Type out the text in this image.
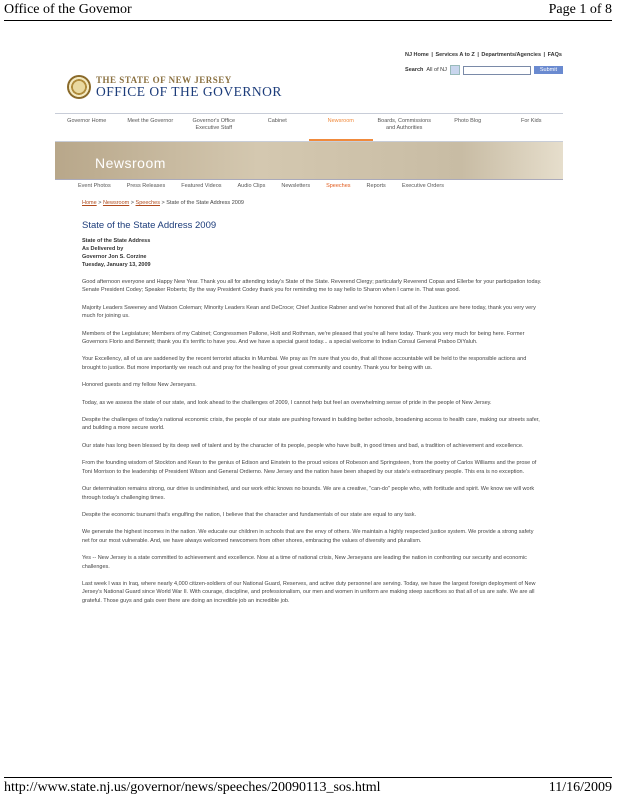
Office of the Govemor	Page 1 of 8
NJ Home | Services A to Z | Departments/Agencies | FAQs
Search All of NJ	Submit
THE STATE OF NEW JERSEY
OFFICE OF THE GOVERNOR
Governor Home	Meet the Governor	Governor's Office Executive Staff
Cabinet	Newsroom	Boards, Commissions and Authorities
Photo Blog	For Kids
Newsroom
Event Photos	Press Releases	Featured Videos	Audio Clips	Newsletters	Speeches	Reports	Executive Orders
Home > Newsroom > Speeches > State of the State Address 2009
State of the State Address 2009
State of the State Address
As Delivered by
Governor Jon S. Corzine
Tuesday, January 13, 2009
Good afternoon everyone and Happy New Year. Thank you all for attending today's State of the State. Reverend Clergy; particularly Reverend Copas and Ellerbe for your participation today. Senate President Codey; Speaker Roberts; By the way President Codey thank you for reminding me to say hello to Sharon when I came in. That was good.
Majority Leaders Sweeney and Watson Coleman; Minority Leaders Kean and DeCroce; Chief Justice Rabner and we're honored that all of the Justices are here today, thank you very very much for joining us.
Members of the Legislature; Members of my Cabinet; Congressmen Pallone, Holt and Rothman, we're pleased that you're all here today. Thank you very much for being here. Former Governors Florio and Bennett; thank you it's terrific to have you. And we have a special guest today... a special welcome to Indian Consul General Praboo DiYaluh.
Your Excellency, all of us are saddened by the recent terrorist attacks in Mumbai. We pray as I'm sure that you do, that all those accountable will be held to the responsible actions and brought to justice. But more importantly we reach out and pray for the healing of your great community and country. Thank you for being with us.
Honored guests and my fellow New Jerseyans.
Today, as we assess the state of our state, and look ahead to the challenges of 2009, I cannot help but feel an overwhelming sense of pride in the people of New Jersey.
Despite the challenges of today's national economic crisis, the people of our state are pushing forward in building better schools, broadening access to health care, making our streets safer, and building a more secure world.
Our state has long been blessed by its deep well of talent and by the character of its people, people who have built, in good times and bad, a tradition of achievement and excellence.
From the founding wisdom of Stockton and Kean to the genius of Edison and Einstein to the proud voices of Robeson and Springsteen, from the poetry of Carlos Williams and the prose of Toni Morrison to the leadership of President Wilson and General Ordierno. New Jersey and the nation have been shaped by our state's extraordinary people. This era is no exception.
Our determination remains strong, our drive is undiminished, and our work ethic knows no bounds. We are a creative, "can-do" people who, with fortitude and spirit. We know we will work through today's challenging times.
Despite the economic tsunami that's engulfing the nation, I believe that the character and fundamentals of our state are equal to any task.
We generate the highest incomes in the nation. We educate our children in schools that are the envy of others. We maintain a highly respected justice system. We provide a strong safety net for our most vulnerable. And, we have always welcomed newcomers from other shores, embracing the values of diversity and pluralism.
Yes -- New Jersey is a state committed to achievement and excellence. Now at a time of national crisis, New Jerseyans are leading the nation in confronting our security and economic challenges.
Last week I was in Iraq, where nearly 4,000 citizen-soldiers of our National Guard, Reserves, and active duty personnel are serving. Today, we have the largest foreign deployment of New Jersey's National Guard since World War II. With courage, discipline, and professionalism, our men and women in uniform are making steep sacrifices so that all of us are safe. We are all grateful. Those guys and gals over there are doing an incredible job an incredible job.
http://www.state.nj.us/governor/news/speeches/20090113_sos.html	11/16/2009
